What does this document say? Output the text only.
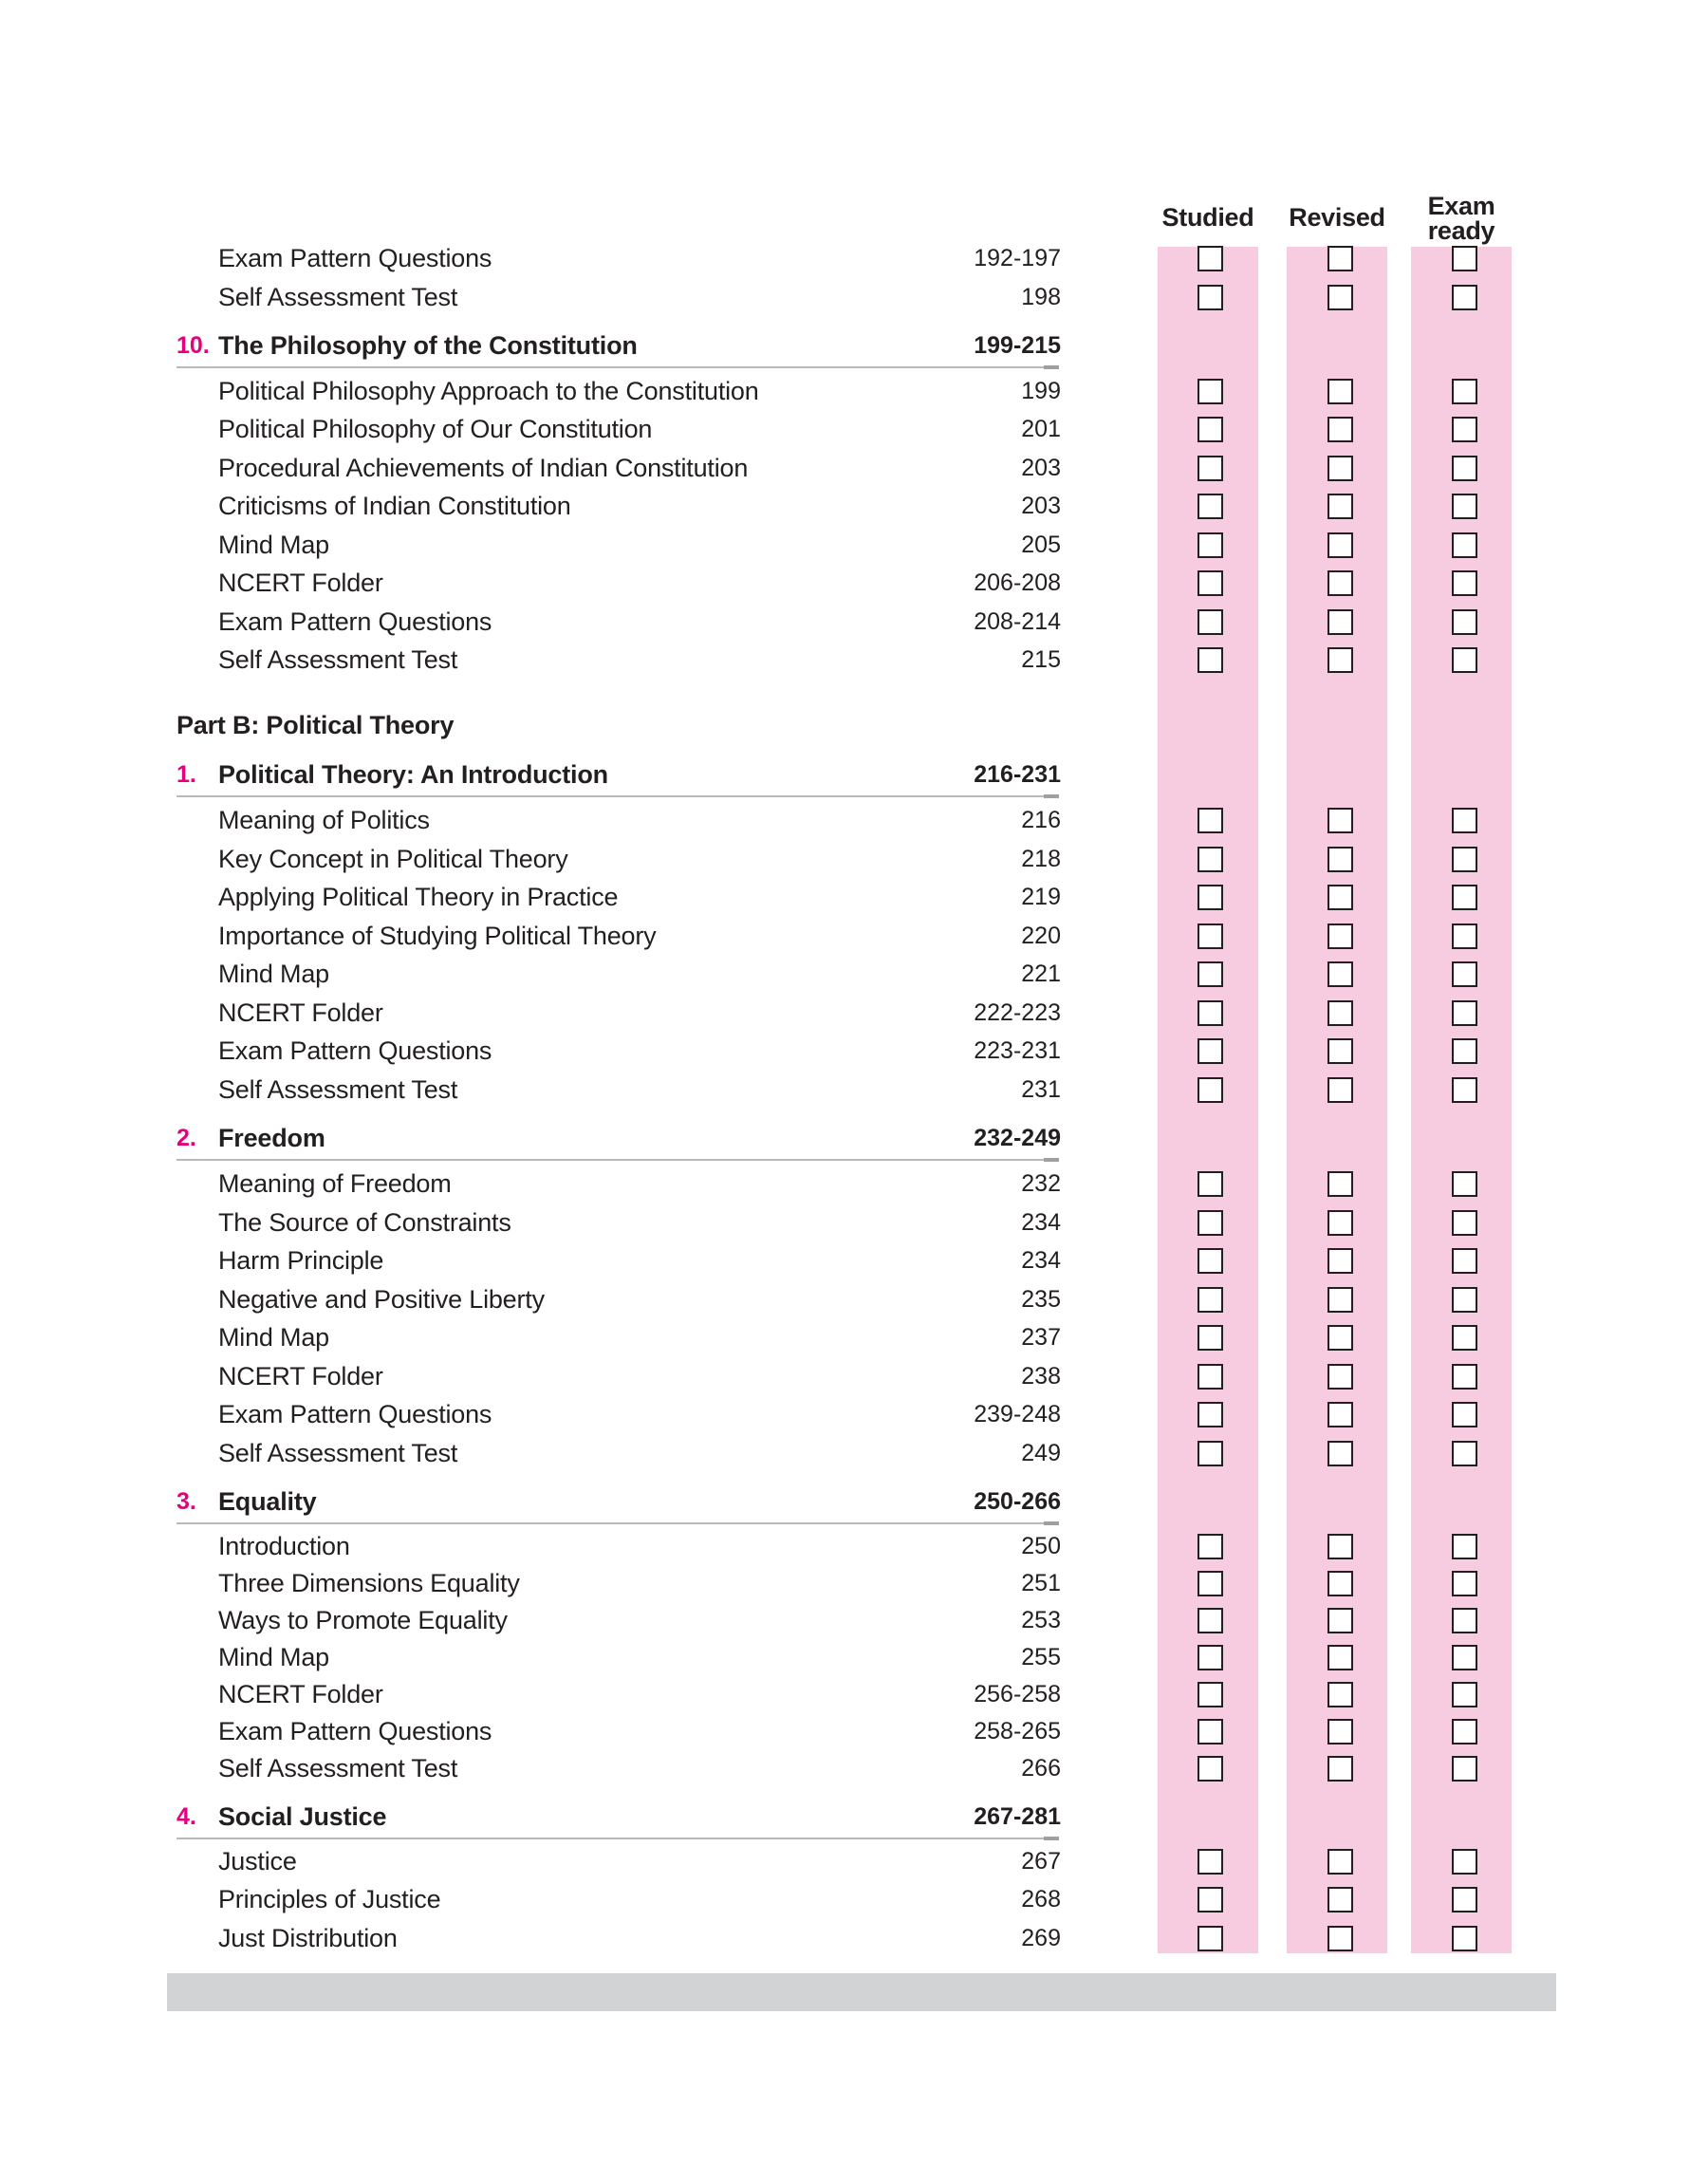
Studied	Revised	Exam
ready
Exam Pattern Questions	192-197
Self Assessment Test	198
10. The Philosophy of the Constitution	199-215
Political Philosophy Approach to the Constitution	199
Political Philosophy of Our Constitution	201
Procedural Achievements of Indian Constitution	203
Criticisms of Indian Constitution	203
Mind Map	205
NCERT Folder	206-208
Exam Pattern Questions	208-214
Self Assessment Test	215
Part B: Political Theory
1. Political Theory: An Introduction	216-231
Meaning of Politics	216
Key Concept in Political Theory	218
Applying Political Theory in Practice	219
Importance of Studying Political Theory	220
Mind Map	221
NCERT Folder	222-223
Exam Pattern Questions	223-231
Self Assessment Test	231
2. Freedom	232-249
Meaning of Freedom	232
The Source of Constraints	234
Harm Principle	234
Negative and Positive Liberty	235
Mind Map	237
NCERT Folder	238
Exam Pattern Questions	239-248
Self Assessment Test	249
3. Equality	250-266
Introduction	250
Three Dimensions Equality	251
Ways to Promote Equality	253
Mind Map	255
NCERT Folder	256-258
Exam Pattern Questions	258-265
Self Assessment Test	266
4. Social Justice	267-281
Justice	267
Principles of Justice	268
Just Distribution	269
